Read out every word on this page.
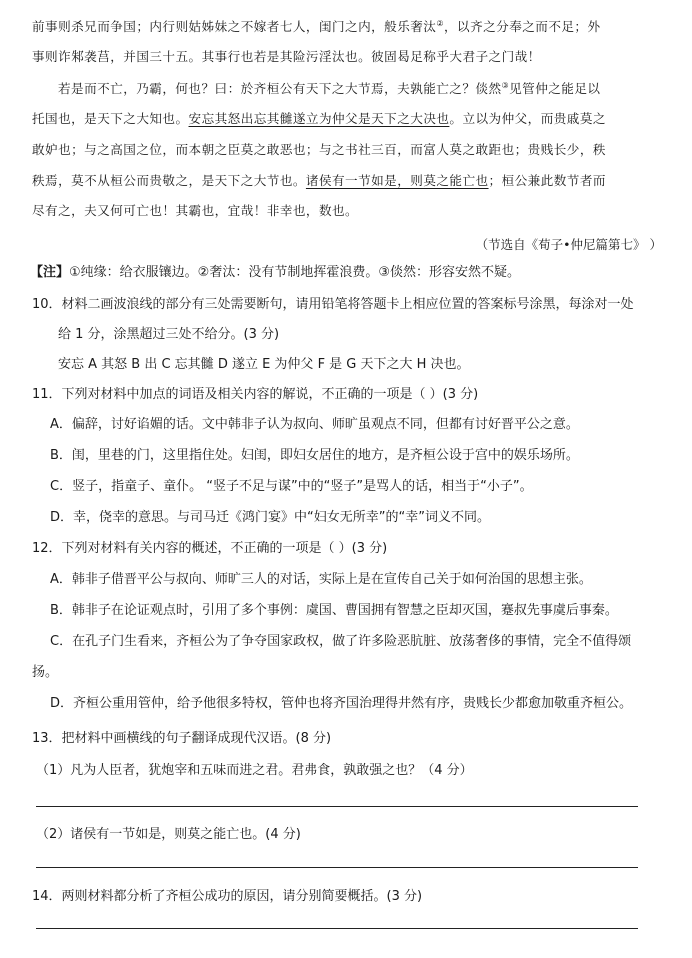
前事则杀兄而争国；内行则姑姊妹之不嫁者七人，闺门之内，般乐奢汰②，以齐之分奉之而不足；外
事则诈邾袭莒，并国三十五。其事行也若是其险污淫汰也。彼固曷足称乎大君子之门哉！
若是而不亡，乃霸，何也？曰：於齐桓公有天下之大节焉，夫孰能亡之？倓然③见管仲之能足以
托国也，是天下之大知也。安忘其怒出忘其雠遂立为仲父是天下之大决也。立以为仲父，而贵戚莫之
敢妒也；与之高国之位，而本朝之臣莫之敢恶也；与之书社三百，而富人莫之敢距也；贵贱长少，秩
秩焉，莫不从桓公而贵敬之，是天下之大节也。诸侯有一节如是，则莫之能亡也；桓公兼此数节者而
尽有之，夫又何可亡也！其霸也，宜哉！非幸也，数也。
（节选自《荀子•仲尼篇第七》 ）
【注】①纯缘：给衣服镶边。②奢汰：没有节制地挥霍浪费。③倓然：形容安然不疑。
10．材料二画波浪线的部分有三处需要断句，请用铅笔将答题卡上相应位置的答案标号涂黑，每涂对一处
给 1 分，涂黑超过三处不给分。(3 分)
安忘 A 其怒 B 出 C 忘其雠 D 遂立 E 为仲父 F 是 G 天下之大 H 决也。
11．下列对材料中加点的词语及相关内容的解说，不正确的一项是（ ）(3 分)
A．偏辞，讨好谄媚的话。文中韩非子认为叔向、师旷虽观点不同，但都有讨好晋平公之意。
B．闺，里巷的门，这里指住处。妇闺，即妇女居住的地方，是齐桓公设于宫中的娱乐场所。
C．竖子，指童子、童仆。 “竖子不足与谋”中的“竖子”是骂人的话，相当于“小子”。
D．幸，侥幸的意思。与司马迁《鸿门宴》中“妇女无所幸”的“幸”词义不同。
12．下列对材料有关内容的概述，不正确的一项是（ ）(3 分)
A．韩非子借晋平公与叔向、师旷三人的对话，实际上是在宣传自己关于如何治国的思想主张。
B．韩非子在论证观点时，引用了多个事例：虞国、曹国拥有智慧之臣却灭国，蹇叔先事虞后事秦。
C．在孔子门生看来，齐桓公为了争夺国家政权，做了许多险恶肮脏、放荡奢侈的事情，完全不值得颂
扬。
D．齐桓公重用管仲，给予他很多特权，管仲也将齐国治理得井然有序，贵贱长少都愈加敬重齐桓公。
13．把材料中画横线的句子翻译成现代汉语。(8 分)
（1）凡为人臣者，犹炮宰和五味而进之君。君弗食，孰敢强之也？（4 分）
（2）诸侯有一节如是，则莫之能亡也。(4 分)
14．两则材料都分析了齐桓公成功的原因，请分别简要概括。(3 分)
